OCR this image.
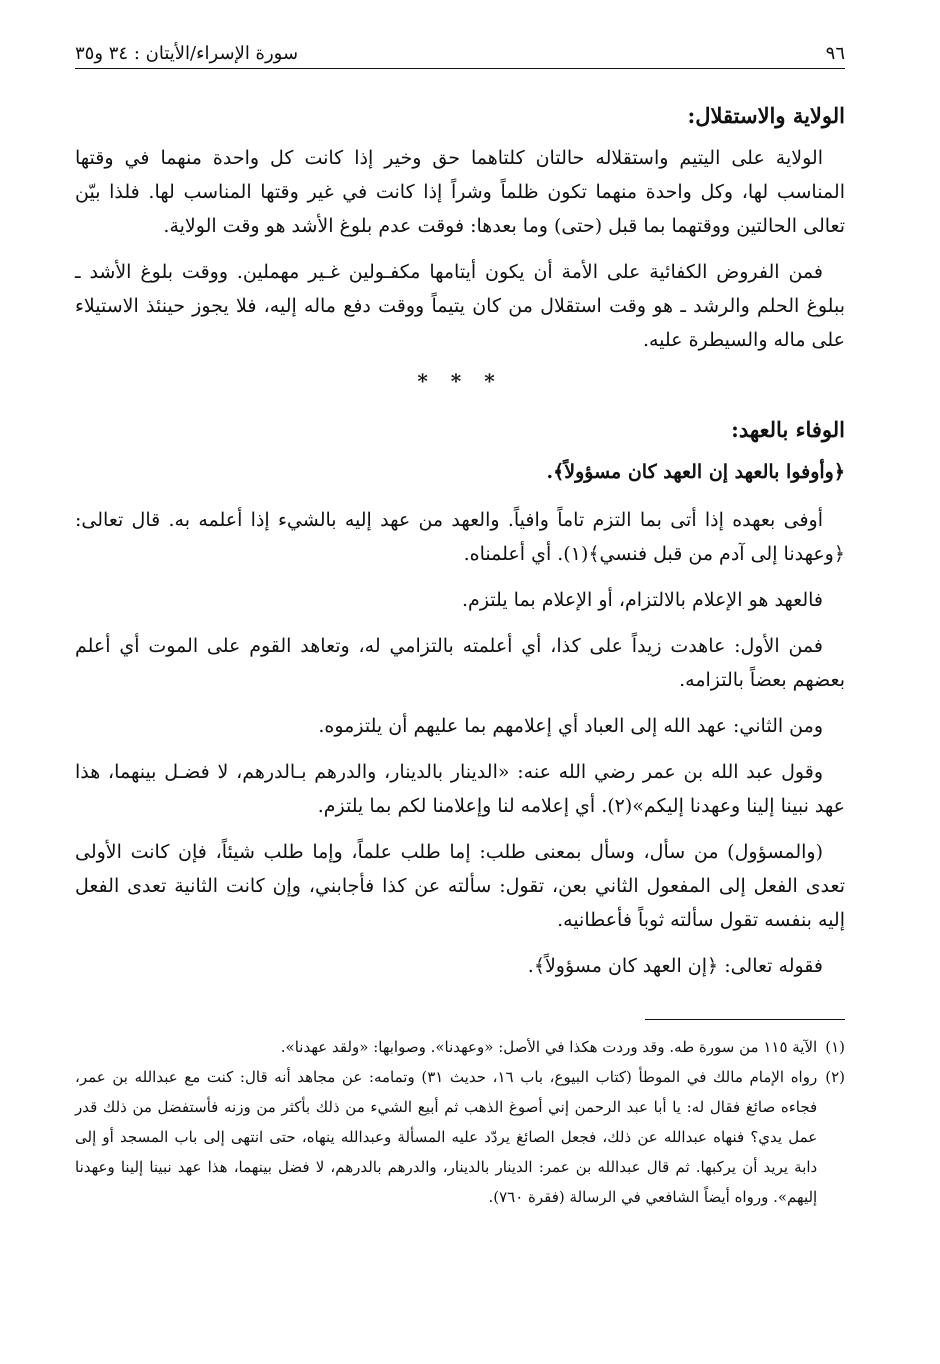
٩٦
سورة الإسراء/الأيتان : ٣٤ و٣٥
الولاية والاستقلال:

الولاية على اليتيم واستقلاله حالتان كلتاهما حق وخير إذا كانت كل واحدة منهما في وقتها المناسب لها، وكل واحدة منهما تكون ظلماً وشراً إذا كانت في غير وقتها المناسب لها. فلذا بيّن تعالى الحالتين ووقتهما بما قبل (حتى) وما بعدها: فوقت عدم بلوغ الأشد هو وقت الولاية.

فمن الفروض الكفائية على الأمة أن يكون أيتامها مكفـولين غـير مهملين. ووقت بلوغ الأشد ـ ببلوغ الحلم والرشد ـ هو وقت استقلال من كان يتيماً ووقت دفع ماله إليه، فلا يجوز حينئذ الاستيلاء على ماله والسيطرة عليه.

* * *
الوفاء بالعهد:

﴿وأوفوا بالعهد إن العهد كان مسؤولاً﴾.

أوفى بعهده إذا أتى بما التزم تاماً وافياً. والعهد من عهد إليه بالشيء إذا أعلمه به. قال تعالى: ﴿وعهدنا إلى آدم من قبل فنسي﴾(١). أي أعلمناه.

فالعهد هو الإعلام بالالتزام، أو الإعلام بما يلتزم.

فمن الأول: عاهدت زيداً على كذا، أي أعلمته بالتزامي له، وتعاهد القوم على الموت أي أعلم بعضهم بعضاً بالتزامه.

ومن الثاني: عهد الله إلى العباد أي إعلامهم بما عليهم أن يلتزموه.

وقول عبد الله بن عمر رضي الله عنه: «الدينار بالدينار، والدرهم بـالدرهم، لا فضـل بينهما، هذا عهد نبينا إلينا وعهدنا إليكم»(٢). أي إعلامه لنا وإعلامنا لكم بما يلتزم.

(والمسؤول) من سأل، وسأل بمعنى طلب: إما طلب علماً، وإما طلب شيئاً، فإن كانت الأولى تعدى الفعل إلى المفعول الثاني بعن، تقول: سألته عن كذا فأجابني، وإن كانت الثانية تعدى الفعل إليه بنفسه تقول سألته ثوباً فأعطانيه.

فقوله تعالى: ﴿إن العهد كان مسؤولاً﴾.

(١)
الآية ١١٥ من سورة طه. وقد وردت هكذا في الأصل: «وعهدنا». وصوابها: «ولقد عهدنا».
(٢)
رواه الإمام مالك في الموطأ (كتاب البيوع، باب ١٦، حديث ٣١) وتمامه: عن مجاهد أنه قال: كنت مع عبدالله بن عمر، فجاءه صائغ فقال له: يا أبا عبد الرحمن إني أصوغ الذهب ثم أبيع الشيء من ذلك بأكثر من وزنه فأستفضل من ذلك قدر عمل يدي؟ فنهاه عبدالله عن ذلك، فجعل الصائغ يردّد عليه المسألة وعبدالله ينهاه، حتى انتهى إلى باب المسجد أو إلى دابة يريد أن يركبها. ثم قال عبدالله بن عمر: الدينار بالدينار، والدرهم بالدرهم، لا فضل بينهما، هذا عهد نبينا إلينا وعهدنا إليهم». ورواه أيضاً الشافعي في الرسالة (فقرة ٧٦٠).
